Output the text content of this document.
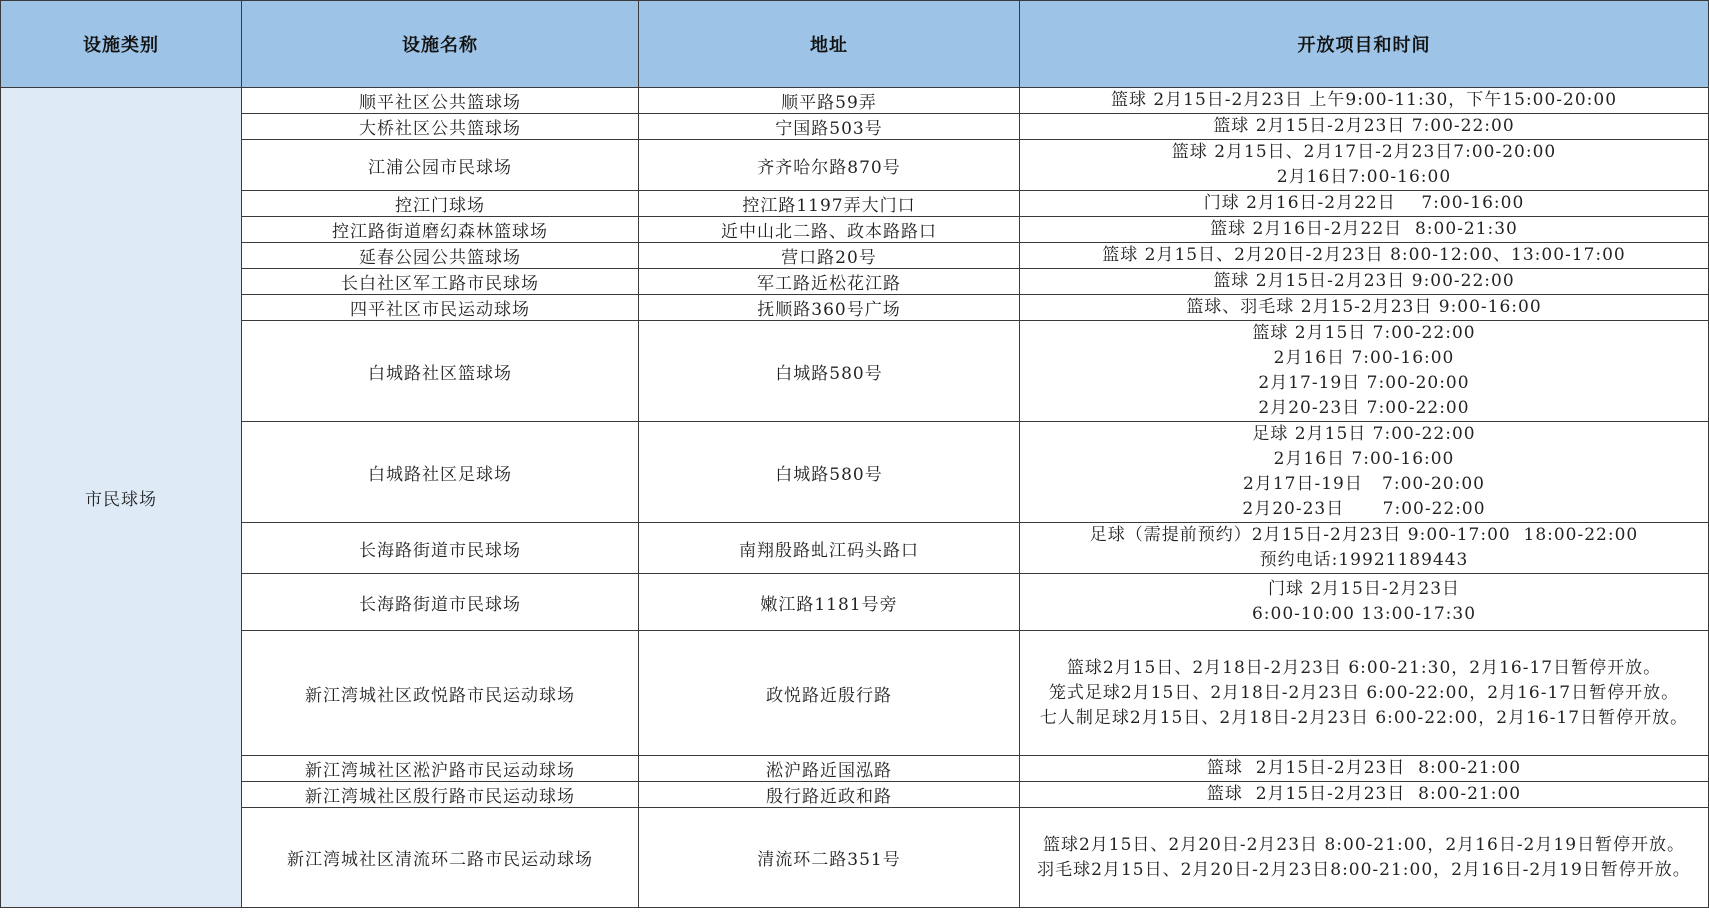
设施类别	设施名称	地址	开放项目和时间
市民球场	顺平社区公共篮球场	顺平路59弄	篮球 2月15日-2月23日 上午9:00-11:30，下午15:00-20:00

	大桥社区公共篮球场	宁国路503号	篮球 2月15日-2月23日 7:00-22:00

	江浦公园市民球场	齐齐哈尔路870号	篮球 2月15日、2月17日-2月23日7:00-20:00
2月16日7:00-16:00

	控江门球场	控江路1197弄大门口	门球 2月16日-2月22日    7:00-16:00

	控江路街道磨幻森林篮球场	近中山北二路、政本路路口	篮球 2月16日-2月22日  8:00-21:30

	延春公园公共篮球场	营口路20号	篮球 2月15日、2月20日-2月23日 8:00-12:00、13:00-17:00

	长白社区军工路市民球场	军工路近松花江路	篮球 2月15日-2月23日 9:00-22:00

	四平社区市民运动球场	抚顺路360号广场	篮球、羽毛球 2月15-2月23日 9:00-16:00

	白城路社区篮球场	白城路580号	篮球 2月15日 7:00-22:00
2月16日 7:00-16:00
2月17-19日 7:00-20:00
2月20-23日 7:00-22:00

	白城路社区足球场	白城路580号	足球 2月15日 7:00-22:00
2月16日 7:00-16:00
2月17日-19日   7:00-20:00
2月20-23日      7:00-22:00

	长海路街道市民球场	南翔殷路虬江码头路口	足球（需提前预约）2月15日-2月23日 9:00-17:00  18:00-22:00
预约电话:19921189443

	长海路街道市民球场	嫩江路1181号旁	门球 2月15日-2月23日
6:00-10:00 13:00-17:30

	新江湾城社区政悦路市民运动球场	政悦路近殷行路	篮球2月15日、2月18日-2月23日 6:00-21:30，2月16-17日暂停开放。
笼式足球2月15日、2月18日-2月23日 6:00-22:00，2月16-17日暂停开放。
七人制足球2月15日、2月18日-2月23日 6:00-22:00，2月16-17日暂停开放。

	新江湾城社区淞沪路市民运动球场	淞沪路近国泓路	篮球  2月15日-2月23日  8:00-21:00

	新江湾城社区殷行路市民运动球场	殷行路近政和路	篮球  2月15日-2月23日  8:00-21:00

	新江湾城社区清流环二路市民运动球场	清流环二路351号	篮球2月15日、2月20日-2月23日 8:00-21:00，2月16日-2月19日暂停开放。
羽毛球2月15日、2月20日-2月23日8:00-21:00，2月16日-2月19日暂停开放。
